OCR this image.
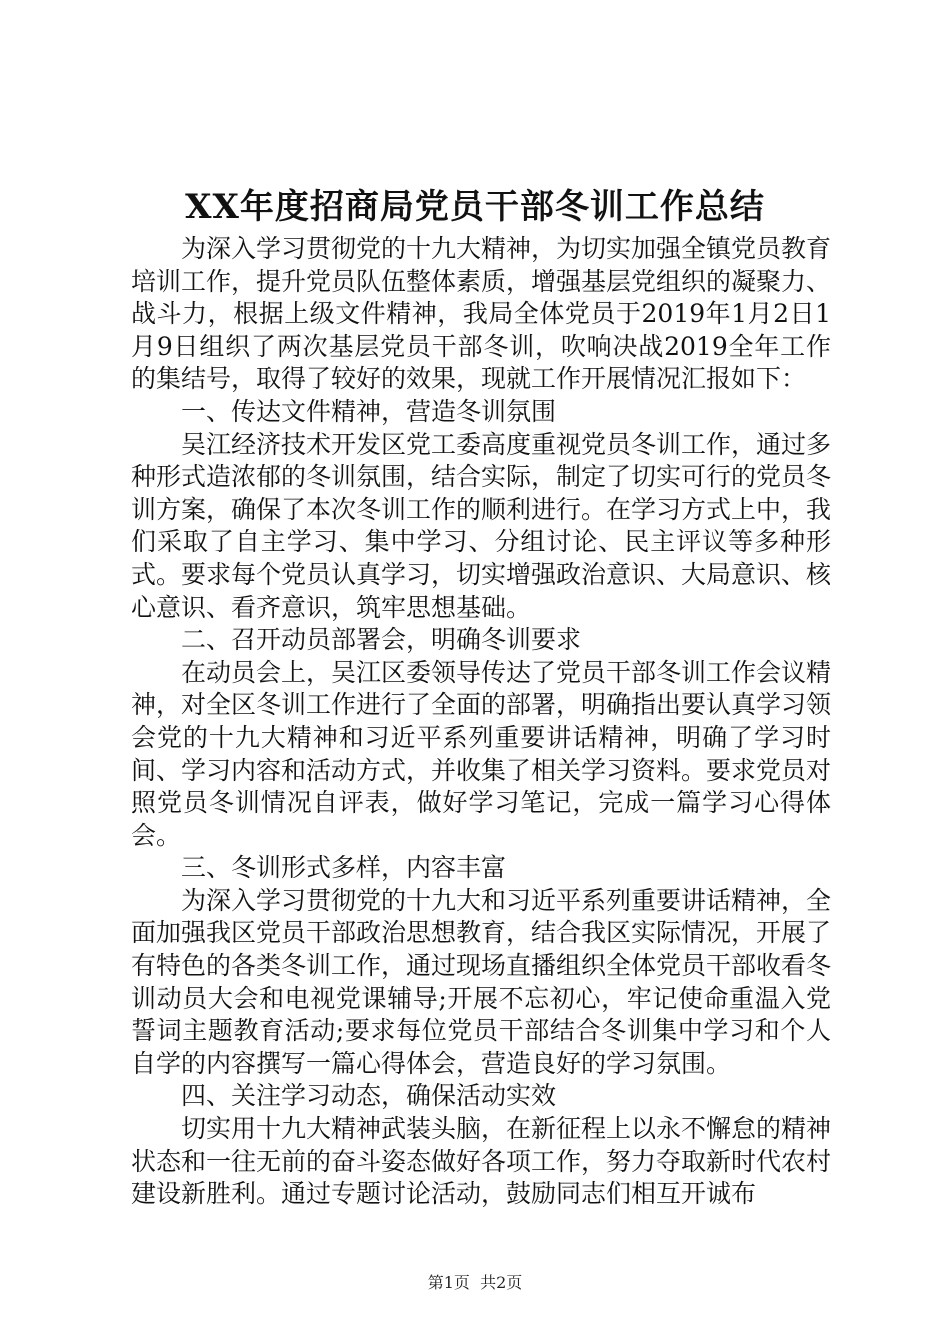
XX年度招商局党员干部冬训工作总结

为深入学习贯彻党的十九大精神，为切实加强全镇党员教育培训工作，提升党员队伍整体素质，增强基层党组织的凝聚力、战斗力，根据上级文件精神，我局全体党员于2019年1月2日1月9日组织了两次基层党员干部冬训，吹响决战2019全年工作的集结号，取得了较好的效果，现就工作开展情况汇报如下：

一、传达文件精神，营造冬训氛围

吴江经济技术开发区党工委高度重视党员冬训工作，通过多种形式造浓郁的冬训氛围，结合实际，制定了切实可行的党员冬训方案，确保了本次冬训工作的顺利进行。在学习方式上中，我们采取了自主学习、集中学习、分组讨论、民主评议等多种形式。要求每个党员认真学习，切实增强政治意识、大局意识、核心意识、看齐意识，筑牢思想基础。

二、召开动员部署会，明确冬训要求

在动员会上，吴江区委领导传达了党员干部冬训工作会议精神，对全区冬训工作进行了全面的部署，明确指出要认真学习领会党的十九大精神和习近平系列重要讲话精神，明确了学习时间、学习内容和活动方式，并收集了相关学习资料。要求党员对照党员冬训情况自评表，做好学习笔记，完成一篇学习心得体会。

三、冬训形式多样，内容丰富

为深入学习贯彻党的十九大和习近平系列重要讲话精神，全面加强我区党员干部政治思想教育，结合我区实际情况，开展了有特色的各类冬训工作，通过现场直播组织全体党员干部收看冬训动员大会和电视党课辅导;开展不忘初心，牢记使命重温入党誓词主题教育活动;要求每位党员干部结合冬训集中学习和个人自学的内容撰写一篇心得体会，营造良好的学习氛围。

四、关注学习动态，确保活动实效

切实用十九大精神武装头脑，在新征程上以永不懈怠的精神状态和一往无前的奋斗姿态做好各项工作，努力夺取新时代农村建设新胜利。通过专题讨论活动，鼓励同志们相互开诚布

第1页 共2页
